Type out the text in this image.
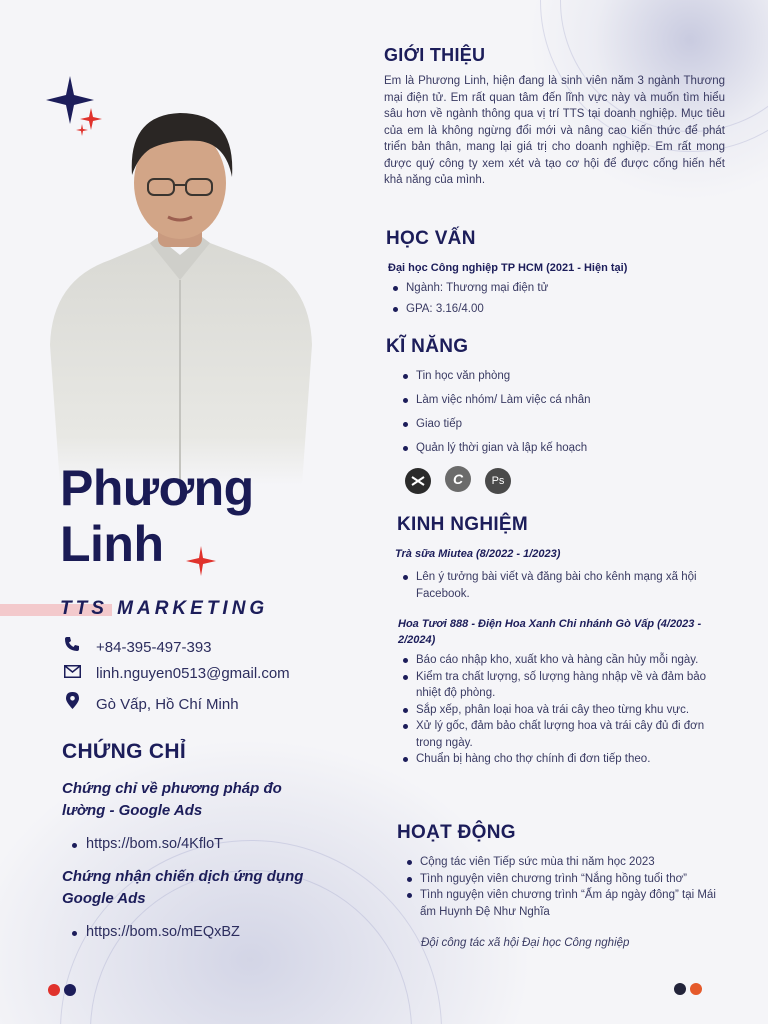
Phương
Linh
TTS MARKETING
+84-395-497-393
linh.nguyen0513@gmail.com
Gò Vấp, Hồ Chí Minh
CHỨNG CHỈ
Chứng chỉ về phương pháp đo lường - Google Ads
https://bom.so/4KfloT
Chứng nhận chiến dịch ứng dụng Google Ads
https://bom.so/mEQxBZ
GIỚI THIỆU
Em là Phương Linh, hiện đang là sinh viên năm 3 ngành Thương mại điện tử. Em rất quan tâm đến lĩnh vực này và muốn tìm hiểu sâu hơn về ngành thông qua vị trí TTS tại doanh nghiệp. Mục tiêu của em là không ngừng đổi mới và nâng cao kiến thức để phát triển bản thân, mang lại giá trị cho doanh nghiệp. Em rất mong được quý công ty xem xét và tạo cơ hội để được cống hiến hết khả năng của mình.
HỌC VẤN
Đại học Công nghiệp TP HCM (2021 - Hiện tại)
Ngành: Thương mại điện tử
GPA: 3.16/4.00
KĨ NĂNG
Tin học văn phòng
Làm việc nhóm/ Làm việc cá nhân
Giao tiếp
Quản lý thời gian và lập kế hoạch
C	Ps
KINH NGHIỆM
Trà sữa Miutea (8/2022 - 1/2023)
Lên ý tưởng bài viết và đăng bài cho kênh mạng xã hội Facebook.
Hoa Tươi 888 - Điện Hoa Xanh Chi nhánh Gò Vấp (4/2023 - 2/2024)
Báo cáo nhập kho, xuất kho và hàng cần hủy mỗi ngày.
Kiểm tra chất lượng, số lượng hàng nhập về và đảm bảo nhiệt độ phòng.
Sắp xếp, phân loại hoa và trái cây theo từng khu vực.
Xử lý gốc, đảm bảo chất lượng hoa và trái cây đủ đi đơn trong ngày.
Chuẩn bị hàng cho thợ chính đi đơn tiếp theo.
HOẠT ĐỘNG
Cộng tác viên Tiếp sức mùa thi năm học 2023
Tình nguyện viên chương trình “Nắng hồng tuổi thơ”
Tình nguyện viên chương trình “Ấm áp ngày đông” tại Mái ấm Huynh Đệ Như Nghĩa
Đội công tác xã hội Đại học Công nghiệp
